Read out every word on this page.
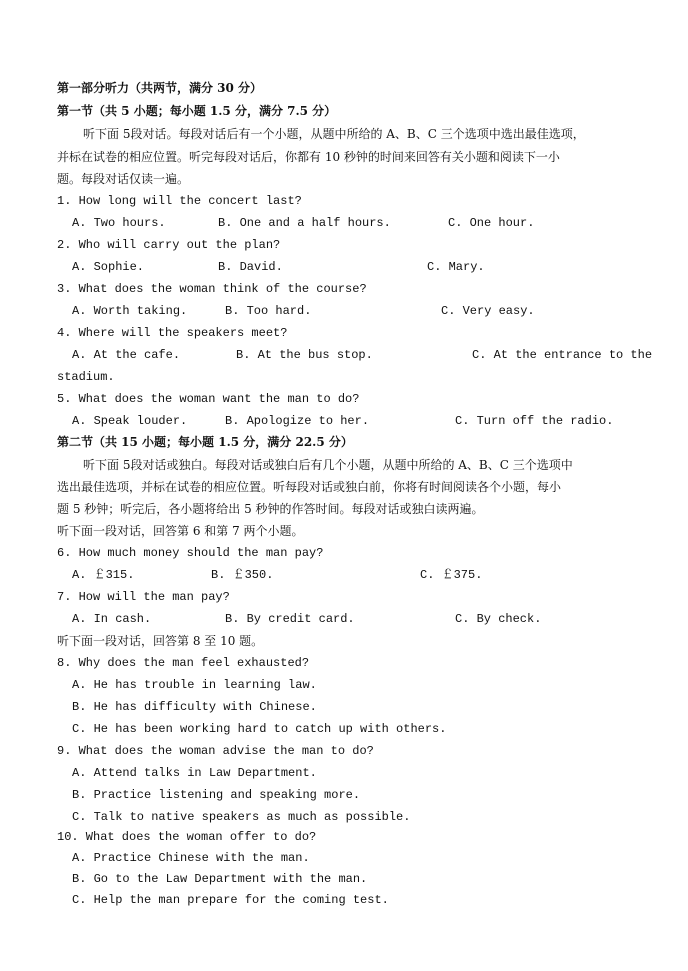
第一部分听力（共两节，满分 30 分）
第一节（共 5 小题；每小题 1.5 分，满分 7.5 分）
听下面 5段对话。每段对话后有一个小题，从题中所给的 A、B、C 三个选项中选出最佳选项，
并标在试卷的相应位置。听完每段对话后，你都有 10 秒钟的时间来回答有关小题和阅读下一小
题。每段对话仅读一遍。
1. How long will the concert last?
A. Two hours.	B. One and a half hours.	C. One hour.
2. Who will carry out the plan?
A. Sophie.	B. David.	C. Mary.
3. What does the woman think of the course?
A. Worth taking.	B. Too hard.	C. Very easy.
4. Where will the speakers meet?
A. At the cafe.	B. At the bus stop.	C. At the entrance to the
stadium.
5. What does the woman want the man to do?
A. Speak louder.	B. Apologize to her.	C. Turn off the radio.
第二节（共 15 小题；每小题 1.5 分，满分 22.5 分）
听下面 5段对话或独白。每段对话或独白后有几个小题，从题中所给的 A、B、C 三个选项中
选出最佳选项，并标在试卷的相应位置。听每段对话或独白前，你将有时间阅读各个小题，每小
题 5 秒钟；听完后，各小题将给出 5 秒钟的作答时间。每段对话或独白读两遍。
听下面一段对话，回答第 6 和第 7 两个小题。
6. How much money should the man pay?
A. ￡315.	B. ￡350.	C. ￡375.
7. How will the man pay?
A. In cash.	B. By credit card.	C. By check.
听下面一段对话，回答第 8 至 10 题。
8. Why does the man feel exhausted?
A. He has trouble in learning law.
B. He has difficulty with Chinese.
C. He has been working hard to catch up with others.
9. What does the woman advise the man to do?
A. Attend talks in Law Department.
B. Practice listening and speaking more.
C. Talk to native speakers as much as possible.
10. What does the woman offer to do?
A. Practice Chinese with the man.
B. Go to the Law Department with the man.
C. Help the man prepare for the coming test.
